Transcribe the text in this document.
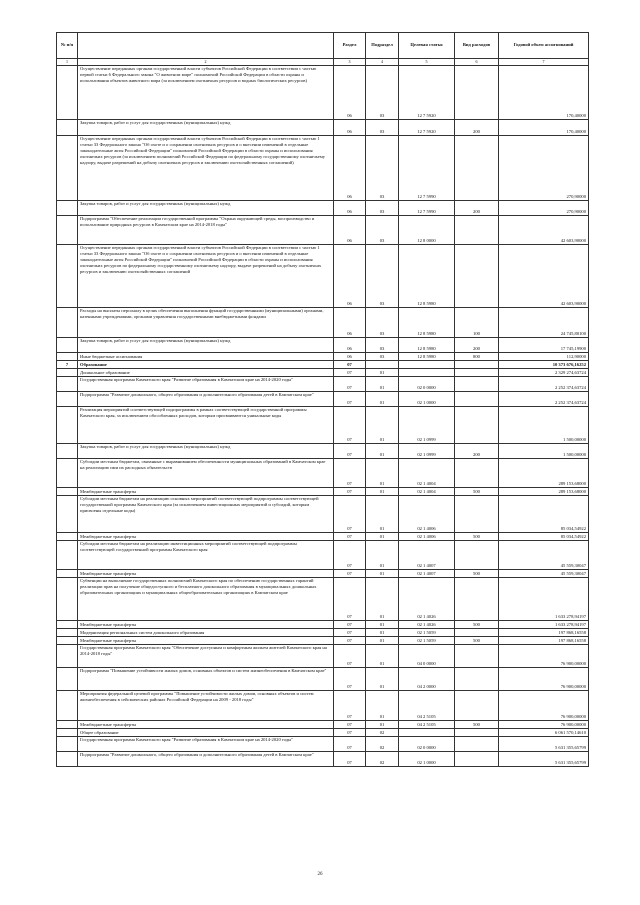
№ п/п		Раздел	Подраздел	Целевая статья	Вид расходов	Годовой объем ассигнований
1	2	3	4	5	6	7
	Осуществление переданных органам государственной власти субъектов Российской Федерации в соответствии с частью первой статьи 6 Федерального закона "О животном мире" полномочий Российской Федерации в области охраны и использования объектов животного мира (за исключением охотничьих ресурсов и водных биологических ресурсов)	06	03	12 7 5920		170,40000
	Закупка товаров, работ и услуг для государственных (муниципальных) нужд	06	03	12 7 5920	200	170,40000
	Осуществление переданных органам государственной власти субъектов Российской Федерации в соответствии с частью 1 статьи 33 Федерального закона "Об охоте и о сохранении охотничьих ресурсов и о внесении изменений в отдельные законодательные акты Российской Федерации" полномочий Российской Федерации в области охраны и использования охотничьих ресурсов (за исключением полномочий Российской Федерации по федеральному государственному охотничьему надзору, выдаче разрешений на добычу охотничьих ресурсов и заключению охотхозяйственных соглашений)	06	03	12 7 5990		270,90000
	Закупка товаров, работ и услуг для государственных (муниципальных) нужд	06	03	12 7 5990	200	270,90000
	Подпрограмма "Обеспечение реализации государственной программы "Охрана окружающей среды, воспроизводство и использование природных ресурсов в Камчатском крае на 2014-2018 годы"	06	03	12 8 0000		42 603,90000
	Осуществление переданных органам государственной власти субъектов Российской Федерации в соответствии с частью 1 статьи 33 Федерального закона "Об охоте и о сохранении охотничьих ресурсов и о внесении изменений в отдельные законодательные акты Российской Федерации" полномочий Российской Федерации в области охраны и использования охотничьих ресурсов по федеральному государственному охотничьему надзору, выдаче разрешений на добычу охотничьих ресурсов и заключению охотхозяйственных соглашений	06	03	12 8 5980		42 603,90000
	Расходы на выплаты персоналу в целях обеспечения выполнения функций государственными (муниципальными) органами, казенными учреждениями, органами управления государственными внебюджетными фондами	06	03	12 8 5980	100	24 745,80100
	Закупка товаров, работ и услуг для государственных (муниципальных) нужд	06	03	12 8 5980	200	17 745,19900
	Иные бюджетные ассигнования	06	03	12 8 5980	800	112,90000
7	Образование	07				10 373 676,16252
	Дошкольное образование	07	01			2 329 274,63724
	Государственная программа Камчатского края "Развитие образования в Камчатском крае на 2014-2020 годы"	07	01	02 0 0000		2 252 374,63724
	Подпрограмма "Развитие дошкольного, общего образования и дополнительного образования детей в Камчатском крае"	07	01	02 1 0000		2 252 374,63724
	Реализация мероприятий соответствующей подпрограммы в рамках соответствующей государственной программы Камчатского края, за исключением обособленных расходов, которым присваиваются уникальные коды	07	01	02 1 0999		1 500,00000
	Закупка товаров, работ и услуг для государственных (муниципальных) нужд	07	01	02 1 0999	200	1 500,00000
	Субсидии местным бюджетам, связанные с выравниванием обеспеченности муниципальных образований в Камчатском крае на реализацию ими их расходных обязательств	07	01	02 1 4004		289 153,68000
	Межбюджетные трансферты	07	01	02 1 4004	500	289 153,68000
	Субсидии местным бюджетам на реализацию основных мероприятий соответствующей подпрограммы соответствующей государственной программы Камчатского края (за исключением инвестиционных мероприятий и субсидий, которым присвоены отдельные коды)	07	01	02 1 4006		85 034,54922
	Межбюджетные трансферты	07	01	02 1 4006	500	85 034,54922
	Субсидии местным бюджетам на реализацию инвестиционных мероприятий соответствующей подпрограммы соответствующей государственной программы Камчатского края	07	01	02 1 4007		45 559,30047
	Межбюджетные трансферты	07	01	02 1 4007	500	45 559,30047
	Субвенции на выполнение государственных полномочий Камчатского края по обеспечению государственных гарантий реализации прав на получение общедоступного и бесплатного дошкольного образования в муниципальных дошкольных образовательных организациях и муниципальных общеобразовательных организациях в Камчатском крае	07	01	02 1 4026		1 633 278,94197
	Межбюджетные трансферты	07	01	02 1 4026	500	1 633 278,94197
	Модернизация региональных систем дошкольного образования	07	01	02 1 5059		197 868,16558
	Межбюджетные трансферты	07	01	02 1 5059	500	197 868,16558
	Государственная программа Камчатского края "Обеспечение доступным и комфортным жильем жителей Камчатского края на 2014-2018 годы"	07	01	04 0 0000		76 900,00000
	Подпрограмма "Повышение устойчивости жилых домов, основных объектов и систем жизнеобеспечения в Камчатском крае"	07	01	04 2 0000		76 900,00000
	Мероприятия федеральной целевой программы "Повышение устойчивости жилых домов, основных объектов и систем жизнеобеспечения в сейсмических районах Российской Федерации на 2009 - 2018 годы"	07	01	04 2 5105		76 900,00000
	Межбюджетные трансферты	07	01	04 2 5105	500	76 900,00000
	Общее образование	07	02			6 061 570,14610
	Государственная программа Камчатского края "Развитие образования в Камчатском крае на 2014-2020 годы"	07	02	02 0 0000		5 631 355,65799
	Подпрограмма "Развитие дошкольного, общего образования и дополнительного образования детей в Камчатском крае"	07	02	02 1 0000		5 631 355,65799
26
